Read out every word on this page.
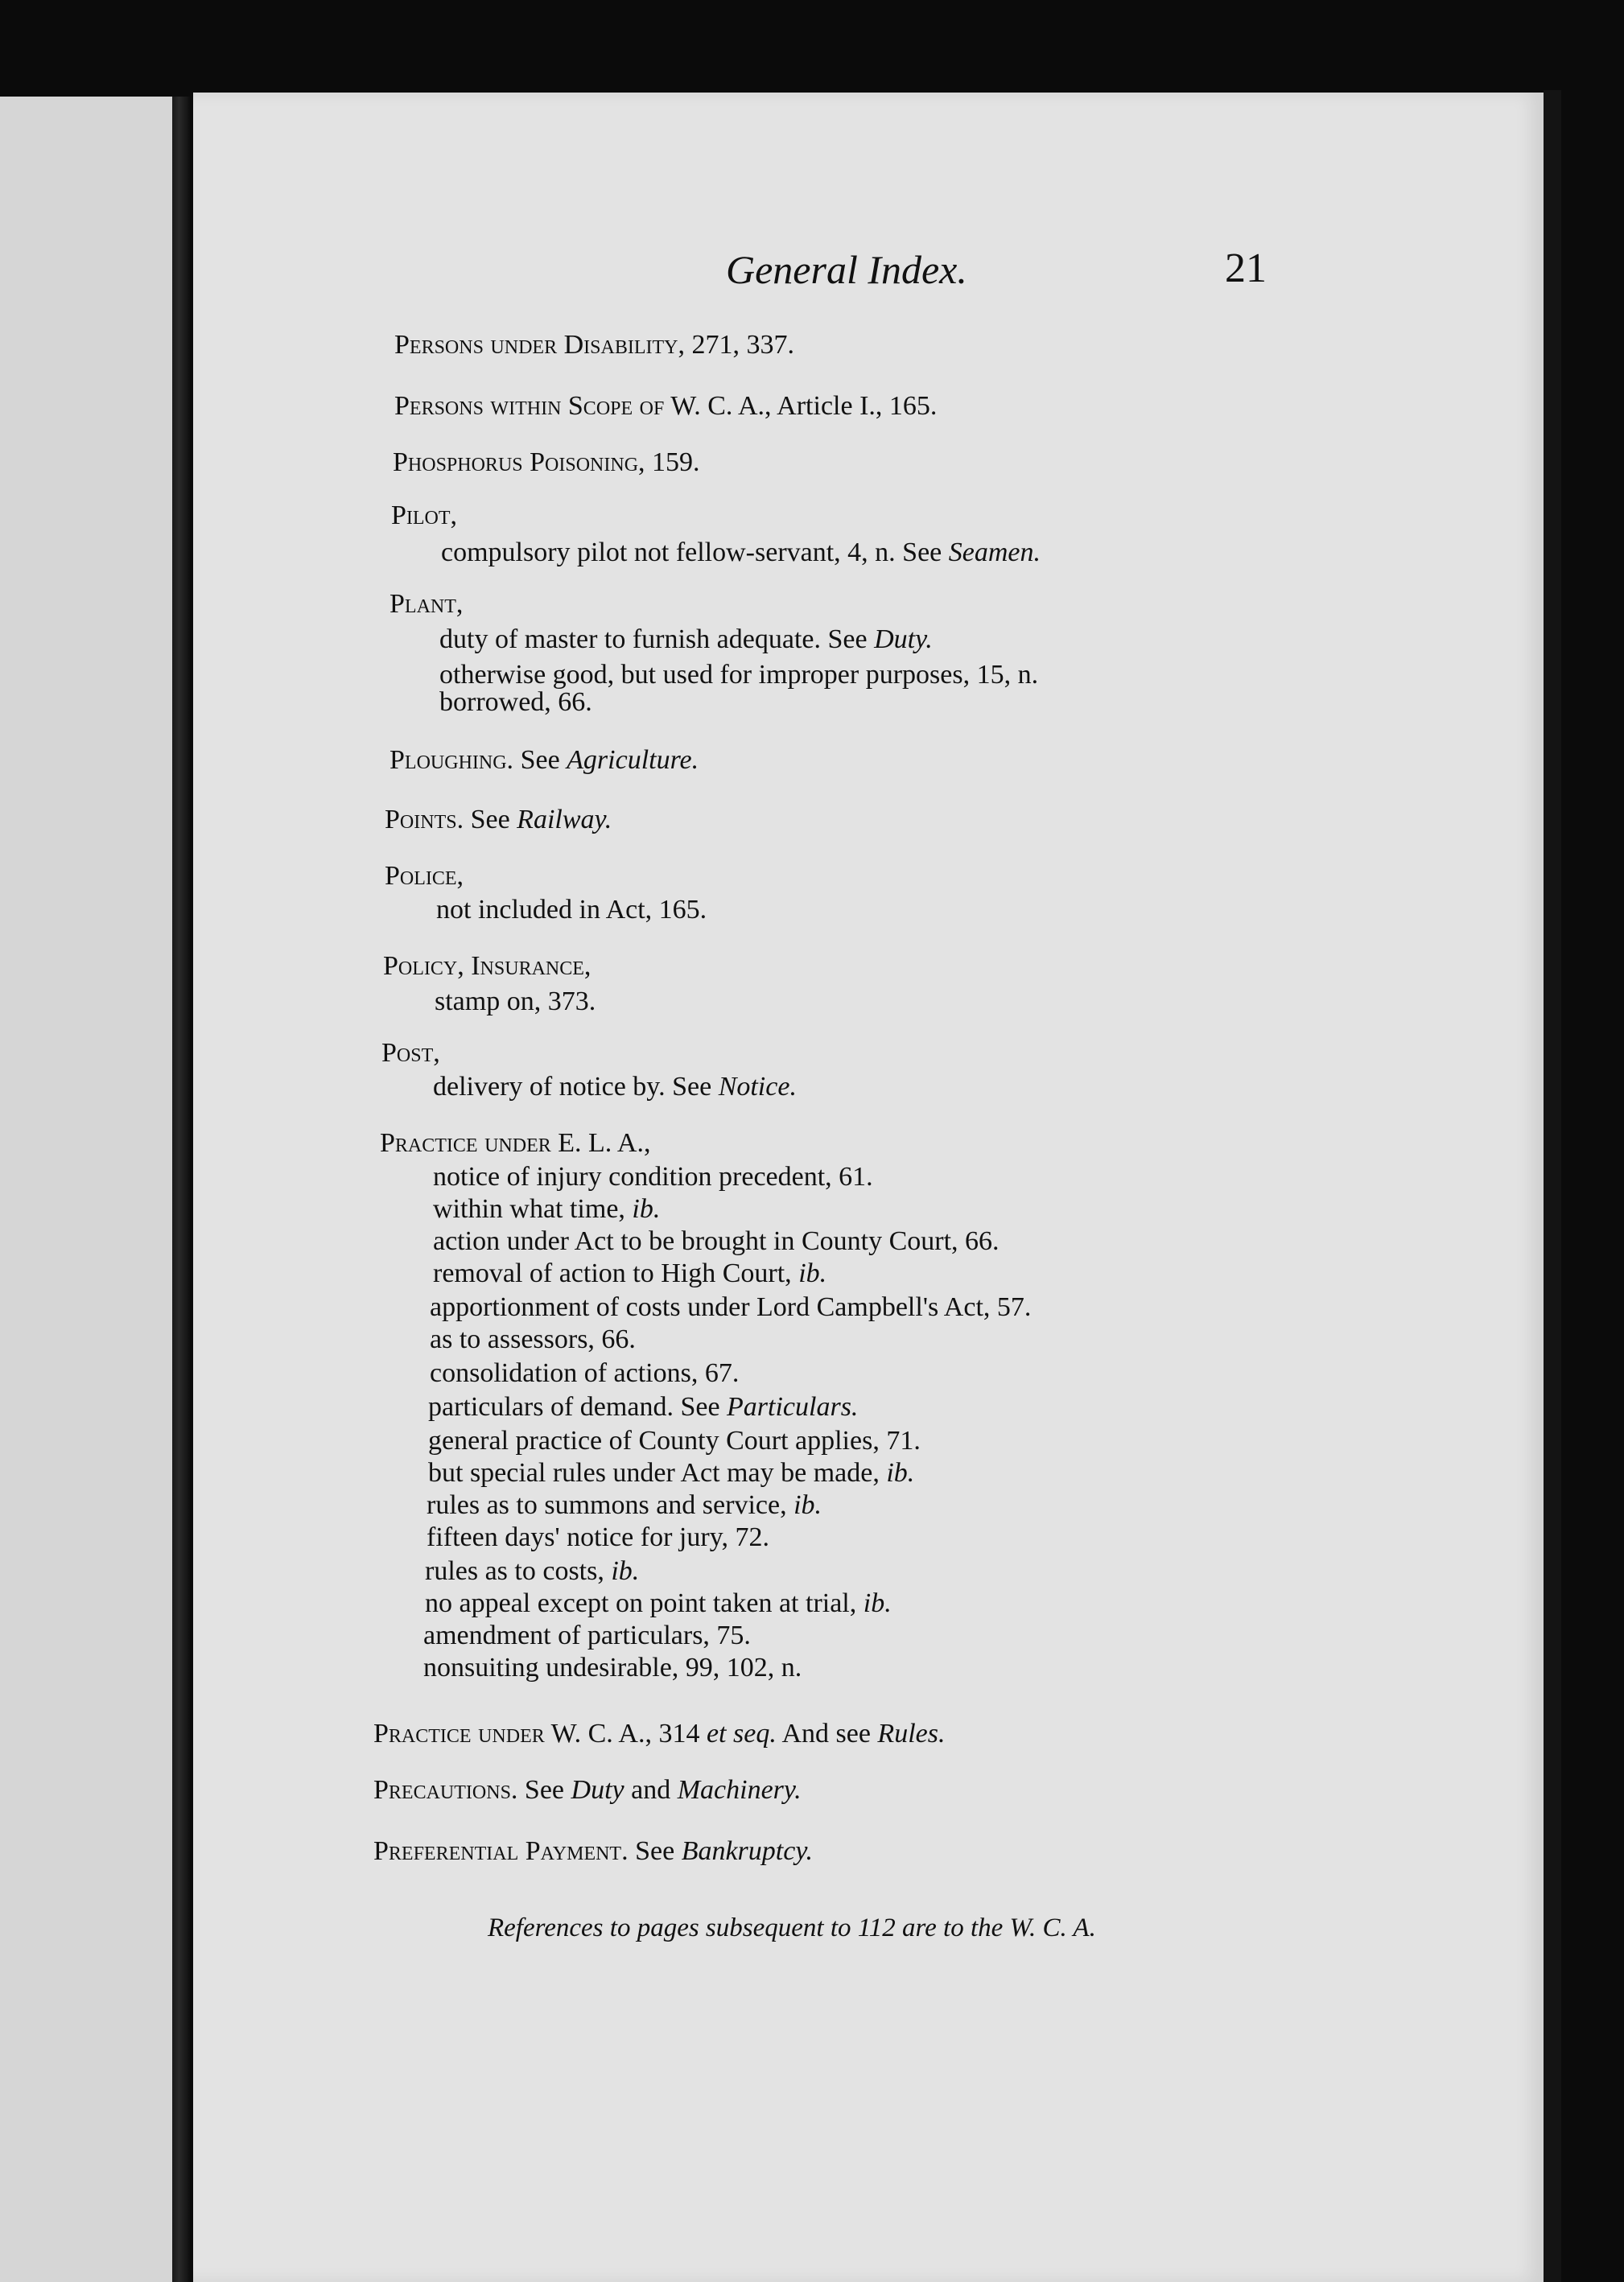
General Index.	21
Persons under Disability, 271, 337.
Persons within Scope of W. C. A., Article I., 165.
Phosphorus Poisoning, 159.
Pilot,
compulsory pilot not fellow-servant, 4, n. See Seamen.
Plant,
duty of master to furnish adequate. See Duty.
otherwise good, but used for improper purposes, 15, n.
borrowed, 66.
Ploughing. See Agriculture.
Points. See Railway.
Police,
not included in Act, 165.
Policy, Insurance,
stamp on, 373.
Post,
delivery of notice by. See Notice.
Practice under E. L. A.,
notice of injury condition precedent, 61.
within what time, ib.
action under Act to be brought in County Court, 66.
removal of action to High Court, ib.
apportionment of costs under Lord Campbell's Act, 57.
as to assessors, 66.
consolidation of actions, 67.
particulars of demand. See Particulars.
general practice of County Court applies, 71.
but special rules under Act may be made, ib.
rules as to summons and service, ib.
fifteen days' notice for jury, 72.
rules as to costs, ib.
no appeal except on point taken at trial, ib.
amendment of particulars, 75.
nonsuiting undesirable, 99, 102, n.
Practice under W. C. A., 314 et seq. And see Rules.
Precautions. See Duty and Machinery.
Preferential Payment. See Bankruptcy.
References to pages subsequent to 112 are to the W. C. A.
